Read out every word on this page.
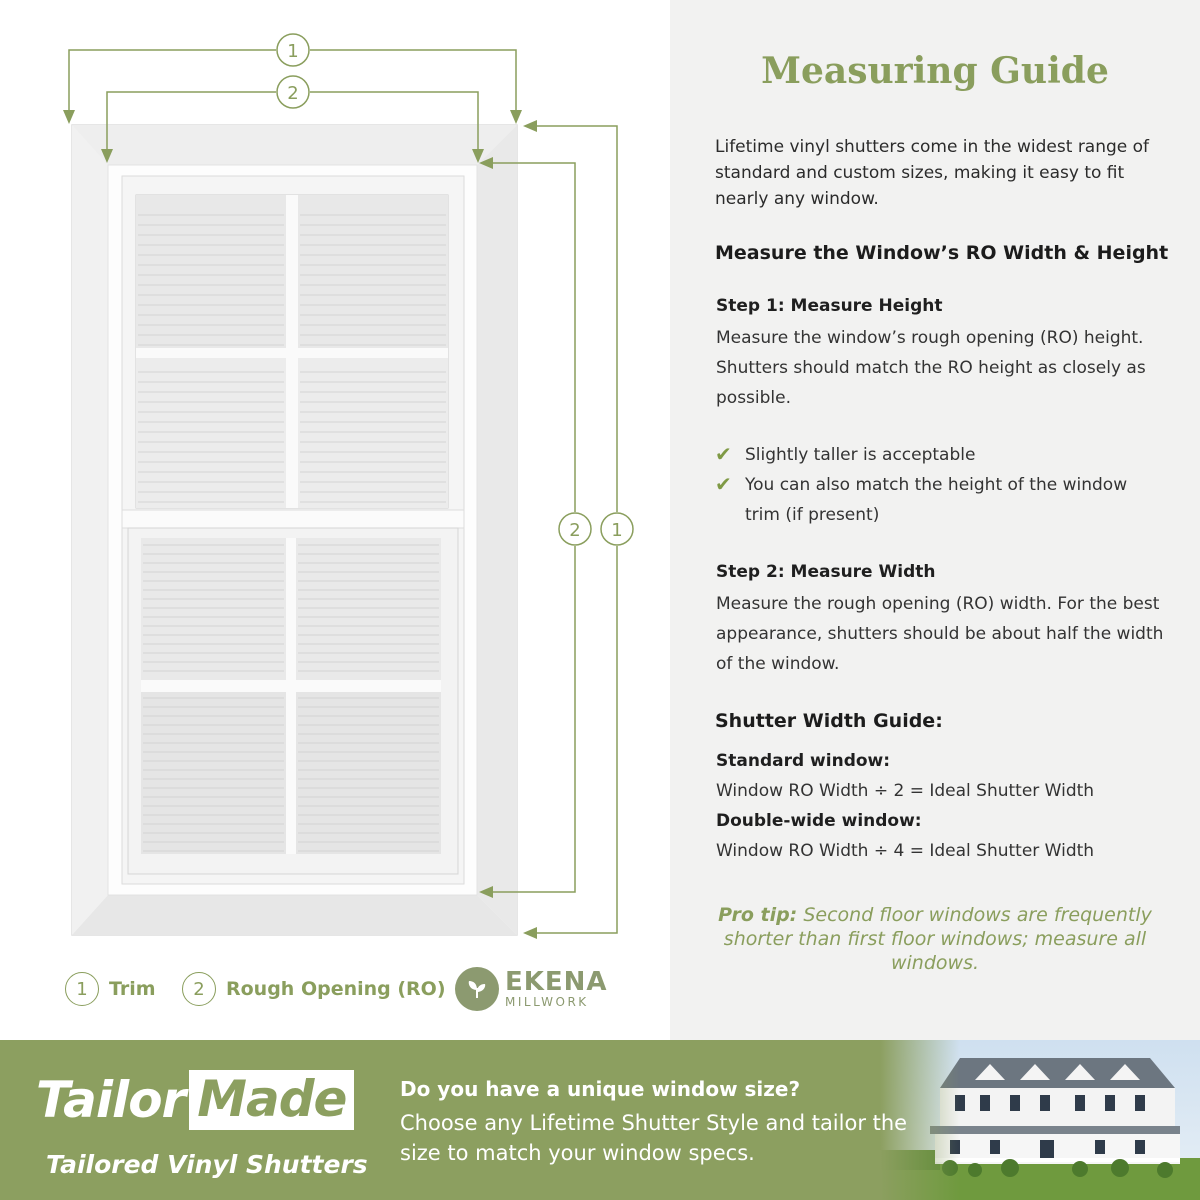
1
2
2 1
1	Trim	2	Rough Opening (RO) EKENA
MILLWORK
Measuring Guide
Lifetime vinyl shutters come in the widest range of standard and custom sizes, making it easy to fit nearly any window.
Measure the Window’s RO Width & Height
Step 1: Measure Height
Measure the window’s rough opening (RO) height. Shutters should match the RO height as closely as possible.
✔ Slightly taller is acceptable
✔ You can also match the height of the window trim (if present)
Step 2: Measure Width
Measure the rough opening (RO) width. For the best appearance, shutters should be about half the width of the window.
Shutter Width Guide:
Standard window:
Window RO Width ÷ 2 = Ideal Shutter Width
Double-wide window:
Window RO Width ÷ 4 = Ideal Shutter Width
Pro tip: Second floor windows are frequently shorter than first floor windows; measure all windows.
Tailor Made
Tailored Vinyl Shutters
Do you have a unique window size?
Choose any Lifetime Shutter Style and tailor the size to match your window specs.
